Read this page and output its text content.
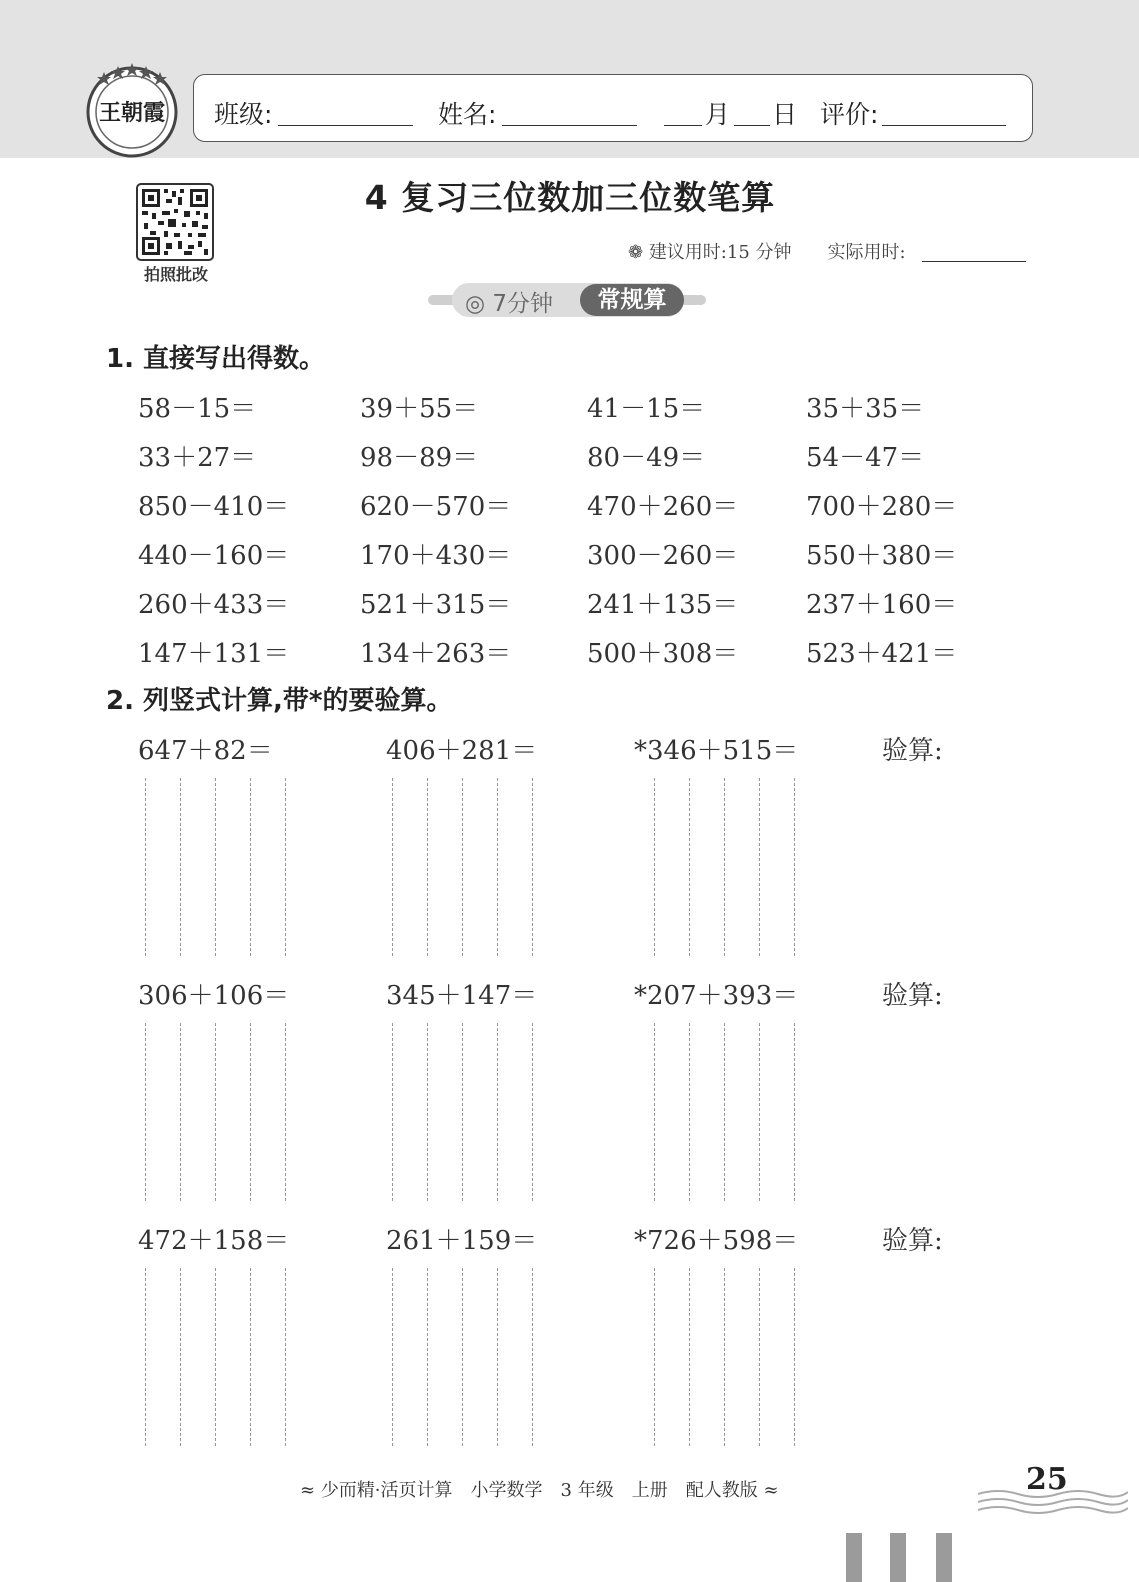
王朝霞 班级:	姓名:	月 日 评价:
拍照批改
4 复习三位数加三位数笔算
❁ 建议用时:15 分钟　　 实际用时:
◎ 7分钟	常规算
1. 直接写出得数。
58－15＝	39＋55＝	41－15＝	35＋35＝
33＋27＝	98－89＝	80－49＝	54－47＝
850－410＝	620－570＝	470＋260＝	700＋280＝
440－160＝	170＋430＝	300－260＝	550＋380＝
260＋433＝	521＋315＝	241＋135＝	237＋160＝
147＋131＝	134＋263＝	500＋308＝	523＋421＝
2. 列竖式计算,带*的要验算。
647＋82＝	406＋281＝	*346＋515＝	验算:
306＋106＝	345＋147＝	*207＋393＝	验算:
472＋158＝	261＋159＝	*726＋598＝	验算:
≈ 少而精·活页计算　小学数学　3 年级　上册　配人教版 ≈	25
